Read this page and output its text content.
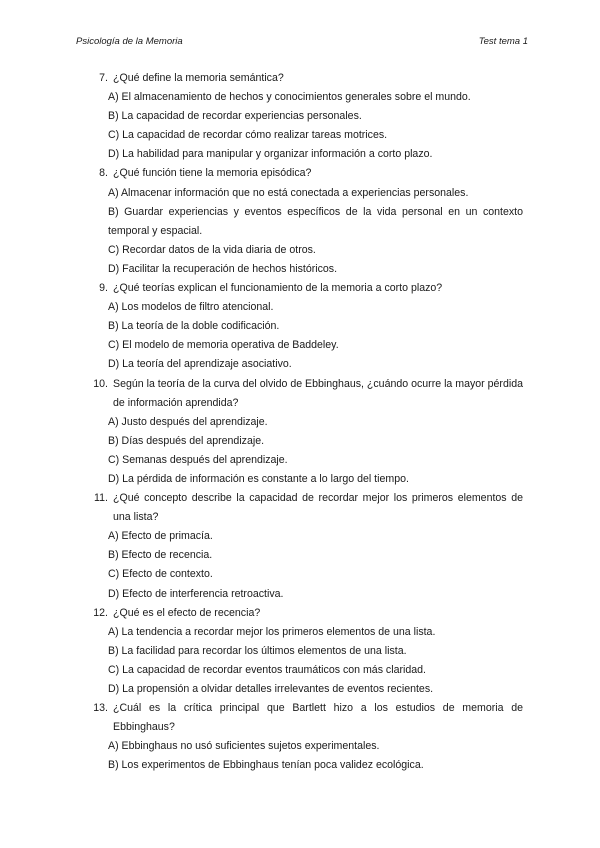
Psicología de la Memoria	Test tema 1
7. ¿Qué define la memoria semántica?
A) El almacenamiento de hechos y conocimientos generales sobre el mundo.
B) La capacidad de recordar experiencias personales.
C) La capacidad de recordar cómo realizar tareas motrices.
D) La habilidad para manipular y organizar información a corto plazo.
8. ¿Qué función tiene la memoria episódica?
A) Almacenar información que no está conectada a experiencias personales.
B) Guardar experiencias y eventos específicos de la vida personal en un contexto temporal y espacial.
C) Recordar datos de la vida diaria de otros.
D) Facilitar la recuperación de hechos históricos.
9. ¿Qué teorías explican el funcionamiento de la memoria a corto plazo?
A) Los modelos de filtro atencional.
B) La teoría de la doble codificación.
C) El modelo de memoria operativa de Baddeley.
D) La teoría del aprendizaje asociativo.
10. Según la teoría de la curva del olvido de Ebbinghaus, ¿cuándo ocurre la mayor pérdida de información aprendida?
A) Justo después del aprendizaje.
B) Días después del aprendizaje.
C) Semanas después del aprendizaje.
D) La pérdida de información es constante a lo largo del tiempo.
11. ¿Qué concepto describe la capacidad de recordar mejor los primeros elementos de una lista?
A) Efecto de primacía.
B) Efecto de recencia.
C) Efecto de contexto.
D) Efecto de interferencia retroactiva.
12. ¿Qué es el efecto de recencia?
A) La tendencia a recordar mejor los primeros elementos de una lista.
B) La facilidad para recordar los últimos elementos de una lista.
C) La capacidad de recordar eventos traumáticos con más claridad.
D) La propensión a olvidar detalles irrelevantes de eventos recientes.
13. ¿Cuál es la crítica principal que Bartlett hizo a los estudios de memoria de Ebbinghaus?
A) Ebbinghaus no usó suficientes sujetos experimentales.
B) Los experimentos de Ebbinghaus tenían poca validez ecológica.
